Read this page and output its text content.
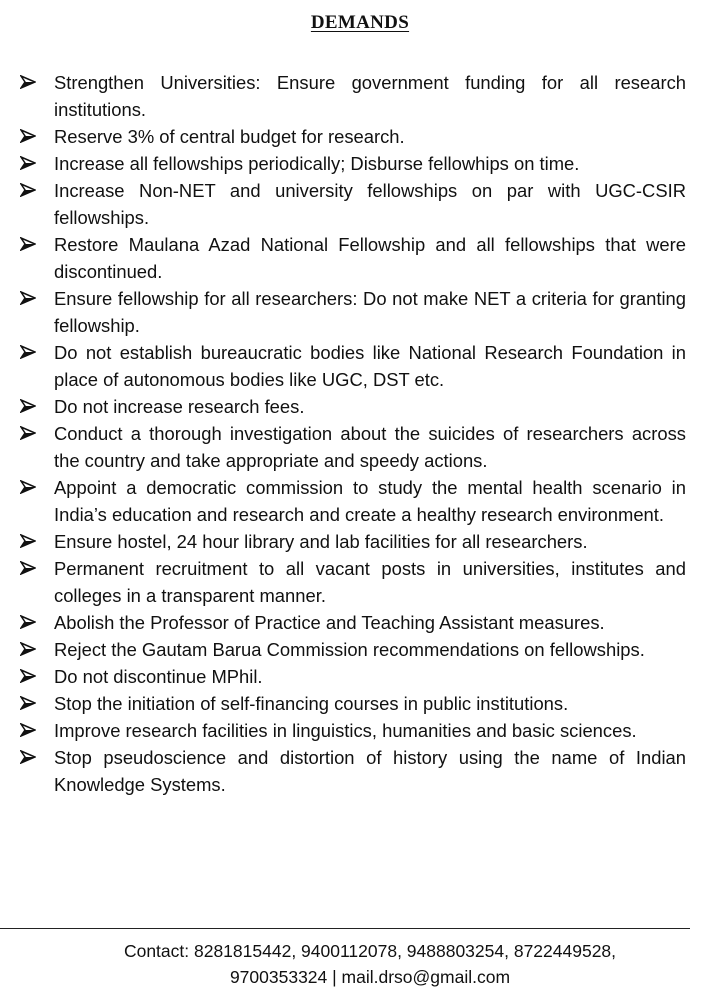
DEMANDS
Strengthen Universities: Ensure government funding for all research institutions.
Reserve 3% of central budget for research.
Increase all fellowships periodically; Disburse fellowhips on time.
Increase Non-NET and university fellowships on par with UGC-CSIR fellowships.
Restore Maulana Azad National Fellowship and all fellowships that were discontinued.
Ensure fellowship for all researchers: Do not make NET a criteria for granting fellowship.
Do not establish bureaucratic bodies like National Research Foundation in place of autonomous bodies like UGC, DST etc.
Do not increase research fees.
Conduct a thorough investigation about the suicides of researchers across the country and take appropriate and speedy actions.
Appoint a democratic commission to study the mental health scenario in India’s education and research and create a healthy research environment.
Ensure hostel, 24 hour library and lab facilities for all researchers.
Permanent recruitment to all vacant posts in universities, institutes and colleges in a transparent manner.
Abolish the Professor of Practice and Teaching Assistant measures.
Reject the Gautam Barua Commission recommendations on fellowships.
Do not discontinue MPhil.
Stop the initiation of self-financing courses in public institutions.
Improve research facilities in linguistics, humanities and basic sciences.
Stop pseudoscience and distortion of history using the name of Indian Knowledge Systems.
Contact: 8281815442, 9400112078, 9488803254, 8722449528,
9700353324 | mail.drso@gmail.com
